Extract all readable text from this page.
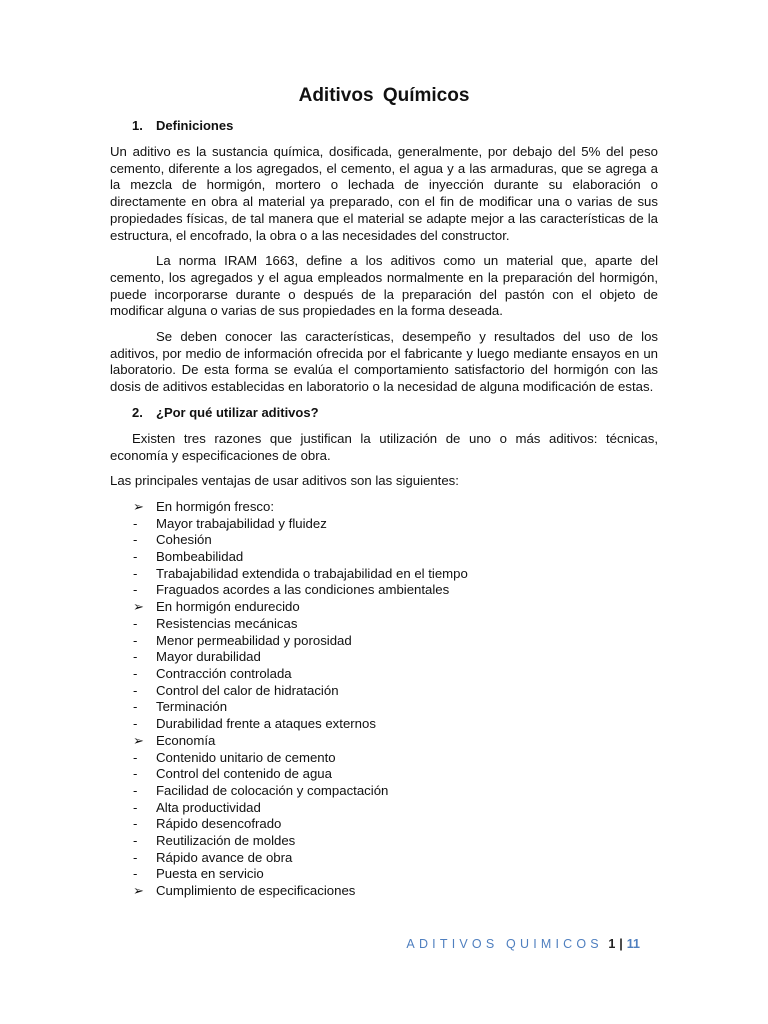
Aditivos Químicos
1. Definiciones

Un aditivo es la sustancia química, dosificada, generalmente, por debajo del 5% del peso cemento, diferente a los agregados, el cemento, el agua y a las armaduras, que se agrega a la mezcla de hormigón, mortero o lechada de inyección durante su elaboración o directamente en obra al material ya preparado, con el fin de modificar una o varias de sus propiedades físicas, de tal manera que el material se adapte mejor a las características de la estructura, el encofrado, la obra o a las necesidades del constructor.

La norma IRAM 1663, define a los aditivos como un material que, aparte del cemento, los agregados y el agua empleados normalmente en la preparación del hormigón, puede incorporarse durante o después de la preparación del pastón con el objeto de modificar alguna o varias de sus propiedades en la forma deseada.

Se deben conocer las características, desempeño y resultados del uso de los aditivos, por medio de información ofrecida por el fabricante y luego mediante ensayos en un laboratorio. De esta forma se evalúa el comportamiento satisfactorio del hormigón con las dosis de aditivos establecidas en laboratorio o la necesidad de alguna modificación de estas.

2. ¿Por qué utilizar aditivos?

Existen tres razones que justifican la utilización de uno o más aditivos: técnicas, economía y especificaciones de obra.

Las principales ventajas de usar aditivos son las siguientes:

➢ En hormigón fresco:
-	Mayor trabajabilidad y fluidez
-	Cohesión
-	Bombeabilidad
-	Trabajabilidad extendida o trabajabilidad en el tiempo
-	Fraguados acordes a las condiciones ambientales
➢ En hormigón endurecido
-	Resistencias mecánicas
-	Menor permeabilidad y porosidad
-	Mayor durabilidad
-	Contracción controlada
-	Control del calor de hidratación
-	Terminación
-	Durabilidad frente a ataques externos
➢ Economía
-	Contenido unitario de cemento
-	Control del contenido de agua
-	Facilidad de colocación y compactación
-	Alta productividad
-	Rápido desencofrado
-	Reutilización de moldes
-	Rápido avance de obra
-	Puesta en servicio
➢ Cumplimiento de especificaciones
ADITIVOS QUIMICOS 1 | 11
